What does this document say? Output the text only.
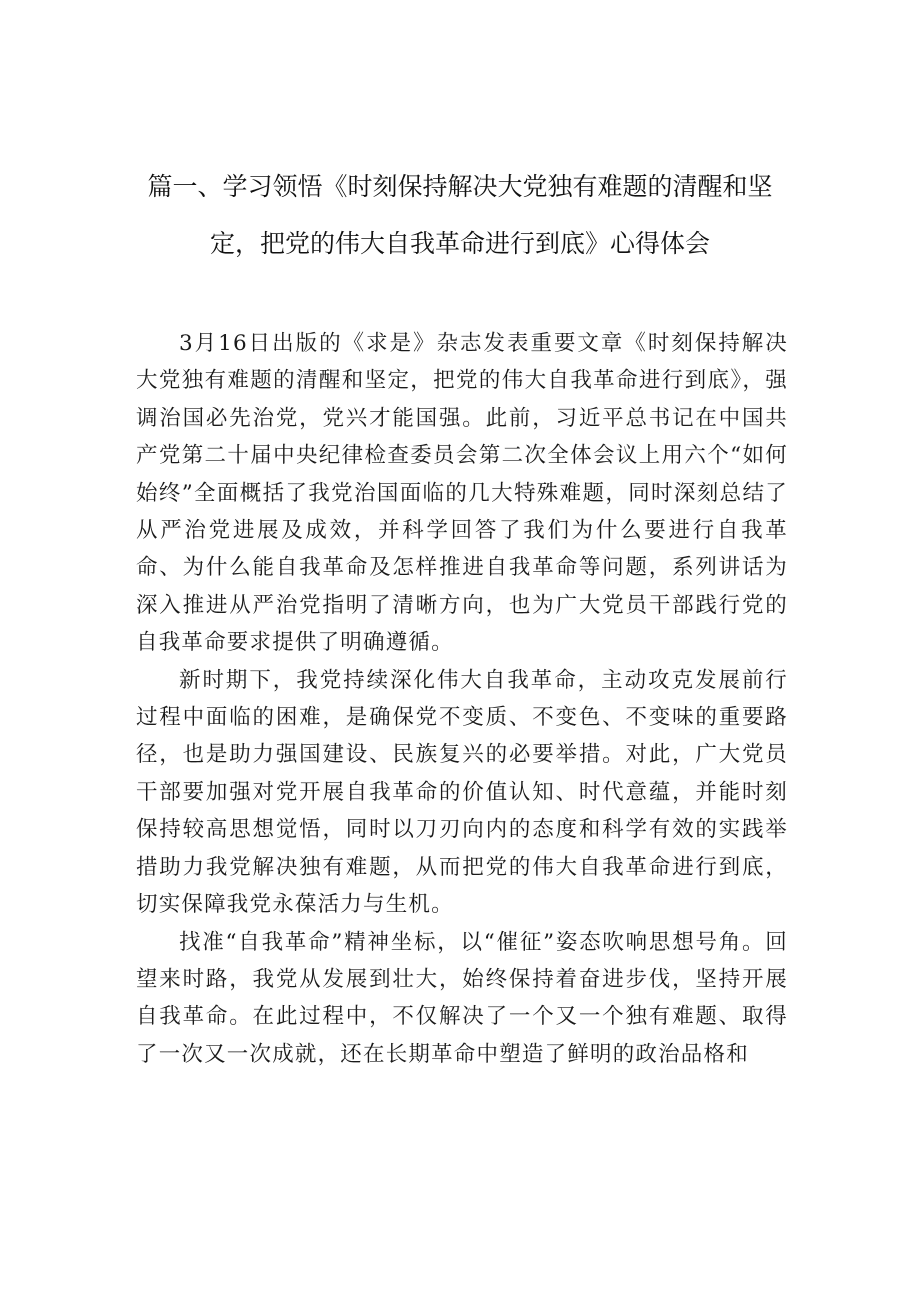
篇一、学习领悟《时刻保持解决大党独有难题的清醒和坚
定，把党的伟大自我革命进行到底》心得体会

3月16日出版的《求是》杂志发表重要文章《时刻保持解决大党独有难题的清醒和坚定，把党的伟大自我革命进行到底》，强调治国必先治党，党兴才能国强。此前，习近平总书记在中国共产党第二十届中央纪律检查委员会第二次全体会议上用六个“如何始终”全面概括了我党治国面临的几大特殊难题，同时深刻总结了从严治党进展及成效，并科学回答了我们为什么要进行自我革命、为什么能自我革命及怎样推进自我革命等问题，系列讲话为深入推进从严治党指明了清晰方向，也为广大党员干部践行党的自我革命要求提供了明确遵循。

新时期下，我党持续深化伟大自我革命，主动攻克发展前行过程中面临的困难，是确保党不变质、不变色、不变味的重要路径，也是助力强国建设、民族复兴的必要举措。对此，广大党员干部要加强对党开展自我革命的价值认知、时代意蕴，并能时刻保持较高思想觉悟，同时以刀刃向内的态度和科学有效的实践举措助力我党解决独有难题，从而把党的伟大自我革命进行到底，切实保障我党永葆活力与生机。

找准“自我革命”精神坐标，以“催征”姿态吹响思想号角。回望来时路，我党从发展到壮大，始终保持着奋进步伐，坚持开展自我革命。在此过程中，不仅解决了一个又一个独有难题、取得了一次又一次成就，还在长期革命中塑造了鲜明的政治品格和
